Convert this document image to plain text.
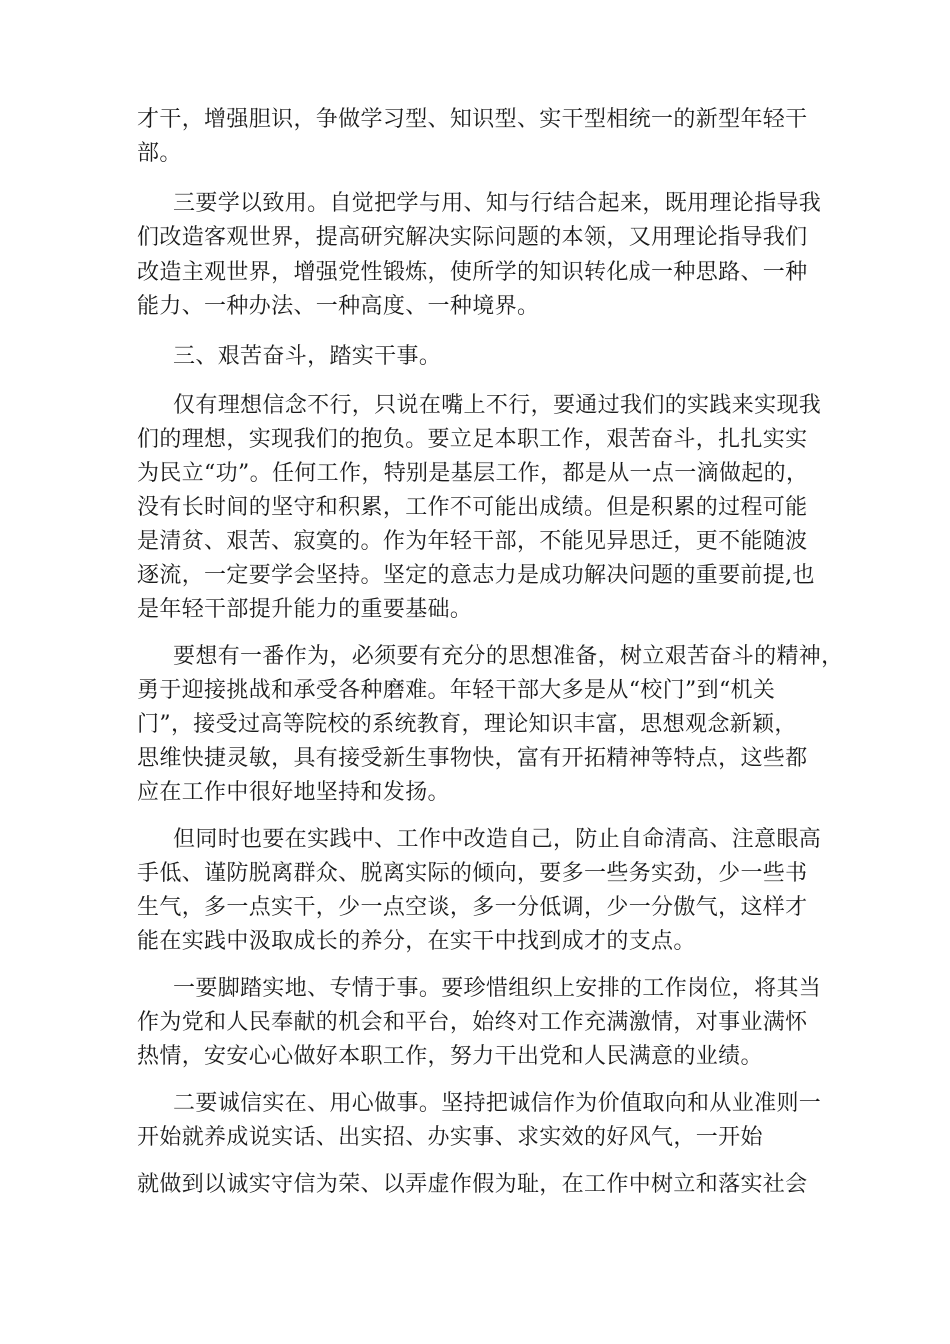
才干，增强胆识，争做学习型、知识型、实干型相统一的新型年轻干
部。
三要学以致用。自觉把学与用、知与行结合起来，既用理论指导我
们改造客观世界，提高研究解决实际问题的本领，又用理论指导我们
改造主观世界，增强党性锻炼，使所学的知识转化成一种思路、一种
能力、一种办法、一种高度、一种境界。
三、艰苦奋斗，踏实干事。
仅有理想信念不行，只说在嘴上不行，要通过我们的实践来实现我
们的理想，实现我们的抱负。要立足本职工作，艰苦奋斗，扎扎实实
为民立“功”。任何工作，特别是基层工作，都是从一点一滴做起的，
没有长时间的坚守和积累，工作不可能出成绩。但是积累的过程可能
是清贫、艰苦、寂寞的。作为年轻干部，不能见异思迁，更不能随波
逐流，一定要学会坚持。坚定的意志力是成功解决问题的重要前提,也
是年轻干部提升能力的重要基础。
要想有一番作为，必须要有充分的思想准备，树立艰苦奋斗的精神，
勇于迎接挑战和承受各种磨难。年轻干部大多是从“校门”到“机关
门”，接受过高等院校的系统教育，理论知识丰富，思想观念新颖，
思维快捷灵敏，具有接受新生事物快，富有开拓精神等特点，这些都
应在工作中很好地坚持和发扬。
但同时也要在实践中、工作中改造自己，防止自命清高、注意眼高
手低、谨防脱离群众、脱离实际的倾向，要多一些务实劲，少一些书
生气，多一点实干，少一点空谈，多一分低调，少一分傲气，这样才
能在实践中汲取成长的养分，在实干中找到成才的支点。
一要脚踏实地、专情于事。要珍惜组织上安排的工作岗位，将其当
作为党和人民奉献的机会和平台，始终对工作充满激情，对事业满怀
热情，安安心心做好本职工作，努力干出党和人民满意的业绩。
二要诚信实在、用心做事。坚持把诚信作为价值取向和从业准则一
开始就养成说实话、出实招、办实事、求实效的好风气，一开始
就做到以诚实守信为荣、以弄虚作假为耻，在工作中树立和落实社会
